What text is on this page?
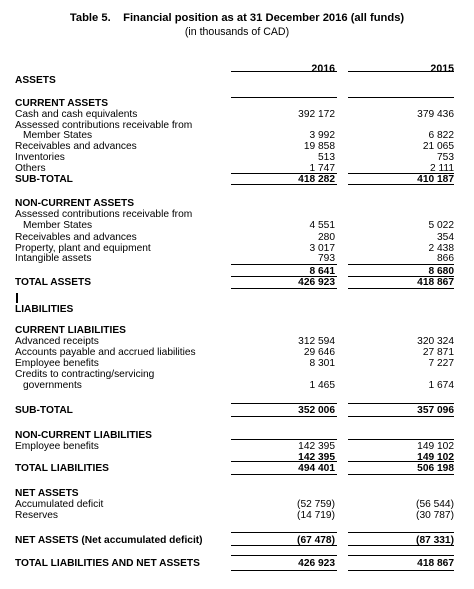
Table 5.    Financial position as at 31 December 2016 (all funds)
(in thousands of CAD)
2016	2015
ASSETS
CURRENT ASSETS
Cash and cash equivalents	392 172	379 436
Assessed contributions receivable from
Member States	3 992	6 822
Receivables and advances	19 858	21 065
Inventories	513	753
Others	1 747	2 111
SUB-TOTAL	418 282	410 187
NON-CURRENT ASSETS
Assessed contributions receivable from
Member States	4 551	5 022
Receivables and advances	280	354
Property, plant and equipment	3 017	2 438
Intangible assets	793	866
8 641	8 680
TOTAL ASSETS	426 923	418 867
LIABILITIES
CURRENT LIABILITIES
Advanced receipts	312 594	320 324
Accounts payable and accrued liabilities	29 646	27 871
Employee benefits	8 301	7 227
Credits to contracting/servicing
governments	1 465	1 674
SUB-TOTAL	352 006	357 096
NON-CURRENT LIABILITIES
Employee benefits	142 395	149 102
142 395	149 102
TOTAL LIABILITIES	494 401	506 198
NET ASSETS
Accumulated deficit	(52 759)	(56 544)
Reserves	(14 719)	(30 787)
NET ASSETS (Net accumulated deficit)	(67 478)	(87 331)
TOTAL LIABILITIES AND NET ASSETS	426 923	418 867
